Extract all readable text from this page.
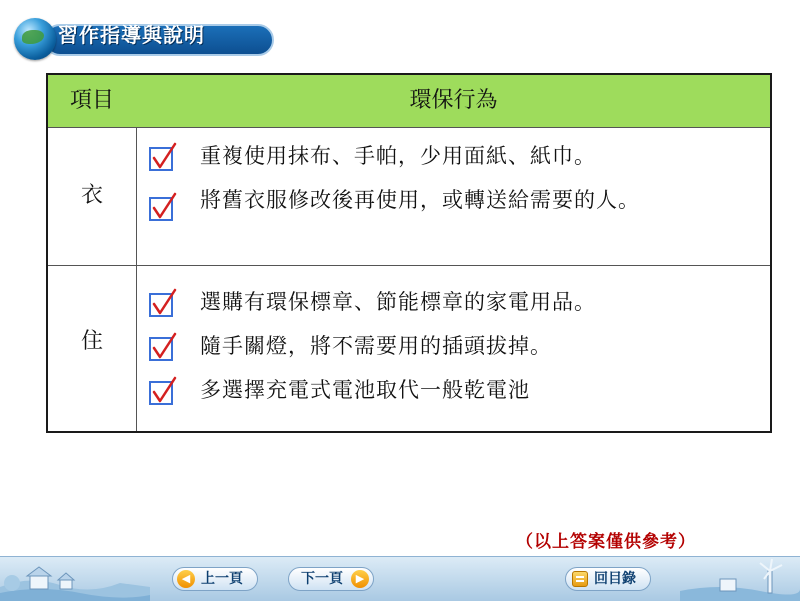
習作指導與說明
項目	環保行為
衣
重複使用抹布、手帕，少用面紙、紙巾。
將舊衣服修改後再使用，或轉送給需要的人。
住
選購有環保標章、節能標章的家電用品。
隨手關燈，將不需要用的插頭拔掉。
多選擇充電式電池取代一般乾電池
（以上答案僅供參考）
◀ 上一頁	下一頁	▶	回目錄
